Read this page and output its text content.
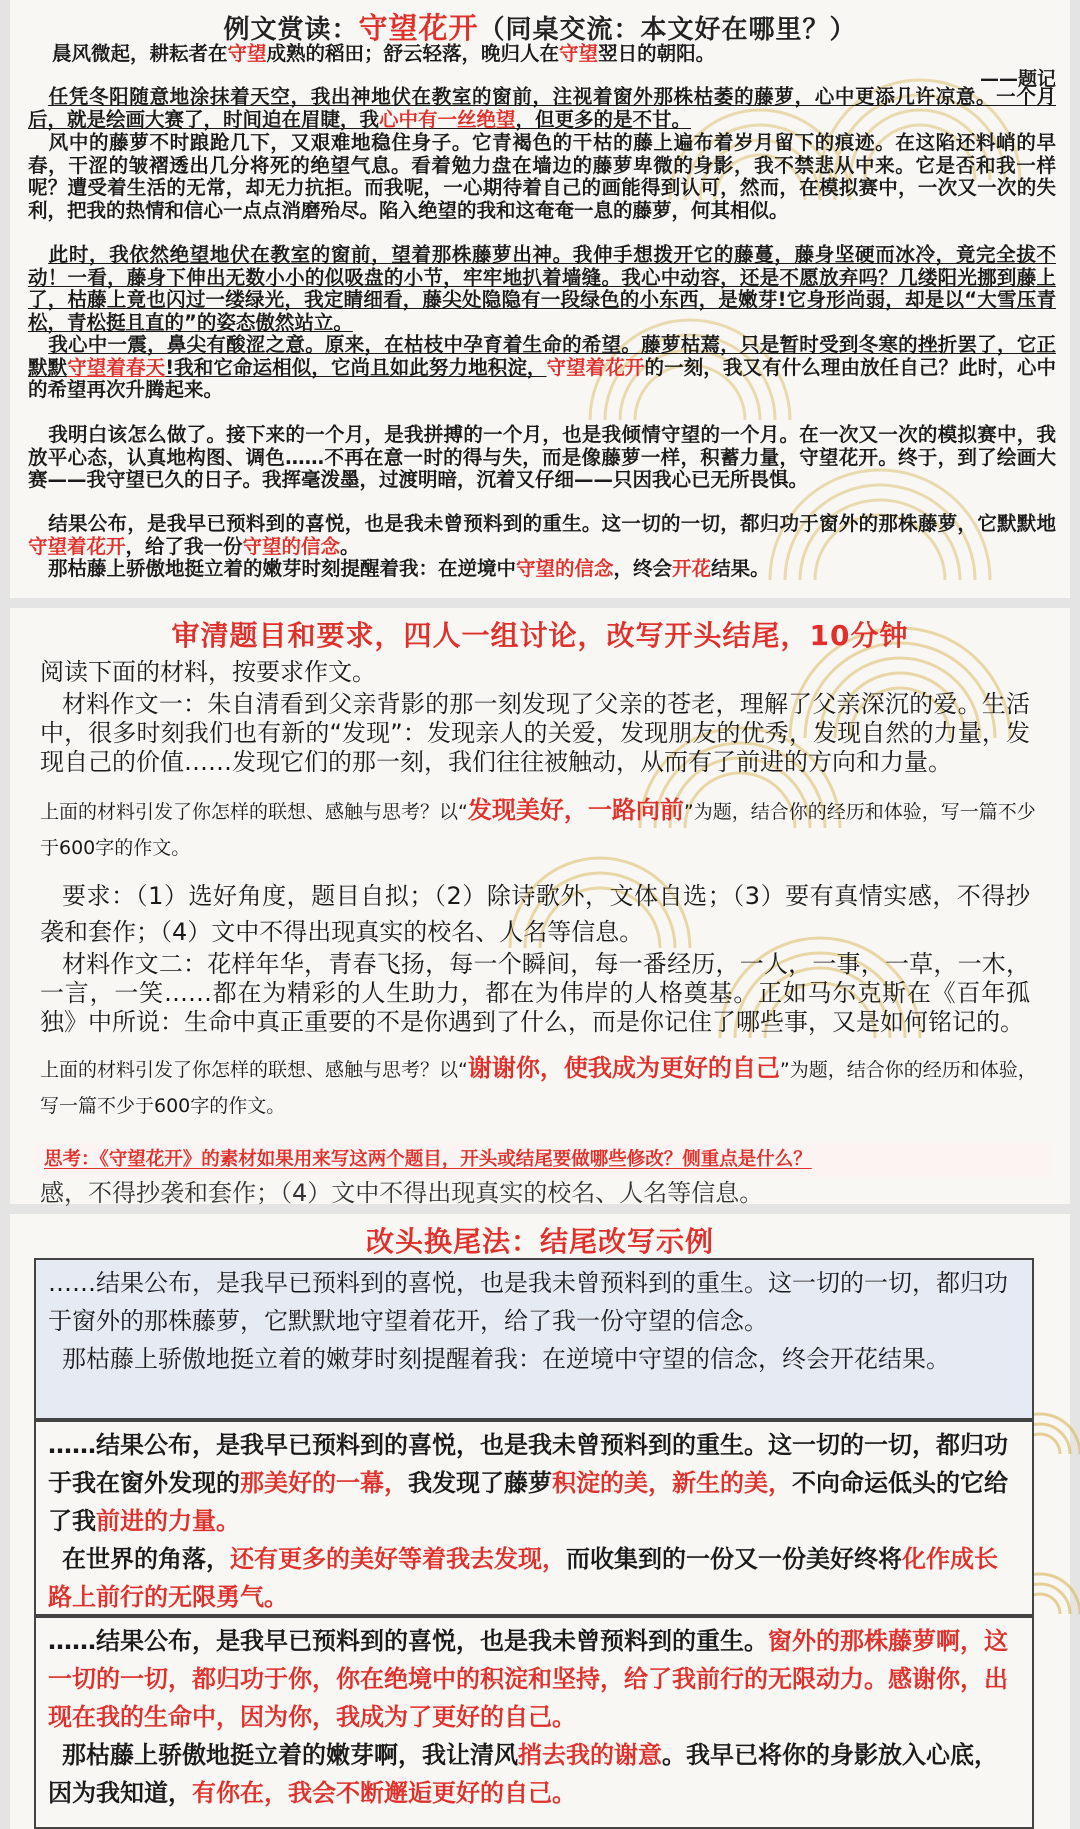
例文赏读：守望花开（同桌交流：本文好在哪里？）
晨风微起，耕耘者在守望成熟的稻田；舒云轻落，晚归人在守望翌日的朝阳。
——题记
任凭冬阳随意地涂抹着天空，我出神地伏在教室的窗前，注视着窗外那株枯萎的藤萝，心中更添几许凉意。一个月后，就是绘画大赛了，时间迫在眉睫，我心中有一丝绝望，但更多的是不甘。
风中的藤萝不时踉跄几下，又艰难地稳住身子。它青褐色的干枯的藤上遍布着岁月留下的痕迹。在这陷还料峭的早春，干涩的皱褶透出几分将死的绝望气息。看着勉力盘在墙边的藤萝卑微的身影，我不禁悲从中来。它是否和我一样呢？遭受着生活的无常，却无力抗拒。而我呢，一心期待着自己的画能得到认可，然而，在模拟赛中，一次又一次的失利，把我的热情和信心一点点消磨殆尽。陷入绝望的我和这奄奄一息的藤萝，何其相似。
此时，我依然绝望地伏在教室的窗前，望着那株藤萝出神。我伸手想拨开它的藤蔓，藤身坚硬而冰冷，竟完全拔不动！一看，藤身下伸出无数小小的似吸盘的小节，牢牢地扒着墙缝。我心中动容，还是不愿放弃吗？几缕阳光挪到藤上了，枯藤上竟也闪过一缕绿光，我定睛细看，藤尖处隐隐有一段绿色的小东西，是嫩芽!它身形尚弱，却是以“大雪压青松，青松挺且直的”的姿态傲然站立。
我心中一震，鼻尖有酸涩之意。原来，在枯枝中孕育着生命的希望。藤萝枯蔫，只是暂时受到冬寒的挫折罢了，它正默默守望着春天!我和它命运相似，它尚且如此努力地积淀，守望着花开的一刻，我又有什么理由放任自己？此时，心中的希望再次升腾起来。
我明白该怎么做了。接下来的一个月，是我拼搏的一个月，也是我倾情守望的一个月。在一次又一次的模拟赛中，我放平心态，认真地构图、调色……不再在意一时的得与失，而是像藤萝一样，积蓄力量，守望花开。终于，到了绘画大赛——我守望已久的日子。我挥毫泼墨，过渡明暗，沉着又仔细——只因我心已无所畏惧。
结果公布，是我早已预料到的喜悦，也是我未曾预料到的重生。这一切的一切，都归功于窗外的那株藤萝，它默默地守望着花开，给了我一份守望的信念。
那枯藤上骄傲地挺立着的嫩芽时刻提醒着我：在逆境中守望的信念，终会开花结果。
审清题目和要求，四人一组讨论，改写开头结尾，10分钟
阅读下面的材料，按要求作文。
材料作文一：朱自清看到父亲背影的那一刻发现了父亲的苍老，理解了父亲深沉的爱。生活中，很多时刻我们也有新的“发现”：发现亲人的关爱，发现朋友的优秀，发现自然的力量，发现自己的价值……发现它们的那一刻，我们往往被触动，从而有了前进的方向和力量。
上面的材料引发了你怎样的联想、感触与思考？以“发现美好，一路向前”为题，结合你的经历和体验，写一篇不少于600字的作文。
要求：（1）选好角度，题目自拟；（2）除诗歌外，文体自选；（3）要有真情实感，不得抄袭和套作；（4）文中不得出现真实的校名、人名等信息。
材料作文二：花样年华，青春飞扬，每一个瞬间，每一番经历，一人，一事，一草，一木，一言，一笑……都在为精彩的人生助力，都在为伟岸的人格奠基。正如马尔克斯在《百年孤独》中所说：生命中真正重要的不是你遇到了什么，而是你记住了哪些事，又是如何铭记的。
上面的材料引发了你怎样的联想、感触与思考？以“谢谢你，使我成为更好的自己”为题，结合你的经历和体验，写一篇不少于600字的作文。
思考：《守望花开》的素材如果用来写这两个题目，开头或结尾要做哪些修改？侧重点是什么？
感，不得抄袭和套作；（4）文中不得出现真实的校名、人名等信息。
改头换尾法：结尾改写示例
……结果公布，是我早已预料到的喜悦，也是我未曾预料到的重生。这一切的一切，都归功于窗外的那株藤萝，它默默地守望着花开，给了我一份守望的信念。
那枯藤上骄傲地挺立着的嫩芽时刻提醒着我：在逆境中守望的信念，终会开花结果。
……结果公布，是我早已预料到的喜悦，也是我未曾预料到的重生。这一切的一切，都归功于我在窗外发现的那美好的一幕，我发现了藤萝积淀的美，新生的美，不向命运低头的它给了我前进的力量。
在世界的角落，还有更多的美好等着我去发现，而收集到的一份又一份美好终将化作成长路上前行的无限勇气。
……结果公布，是我早已预料到的喜悦，也是我未曾预料到的重生。窗外的那株藤萝啊，这一切的一切，都归功于你，你在绝境中的积淀和坚持，给了我前行的无限动力。感谢你，出现在我的生命中，因为你，我成为了更好的自己。
那枯藤上骄傲地挺立着的嫩芽啊，我让清风捎去我的谢意。我早已将你的身影放入心底，因为我知道，有你在，我会不断邂逅更好的自己。
